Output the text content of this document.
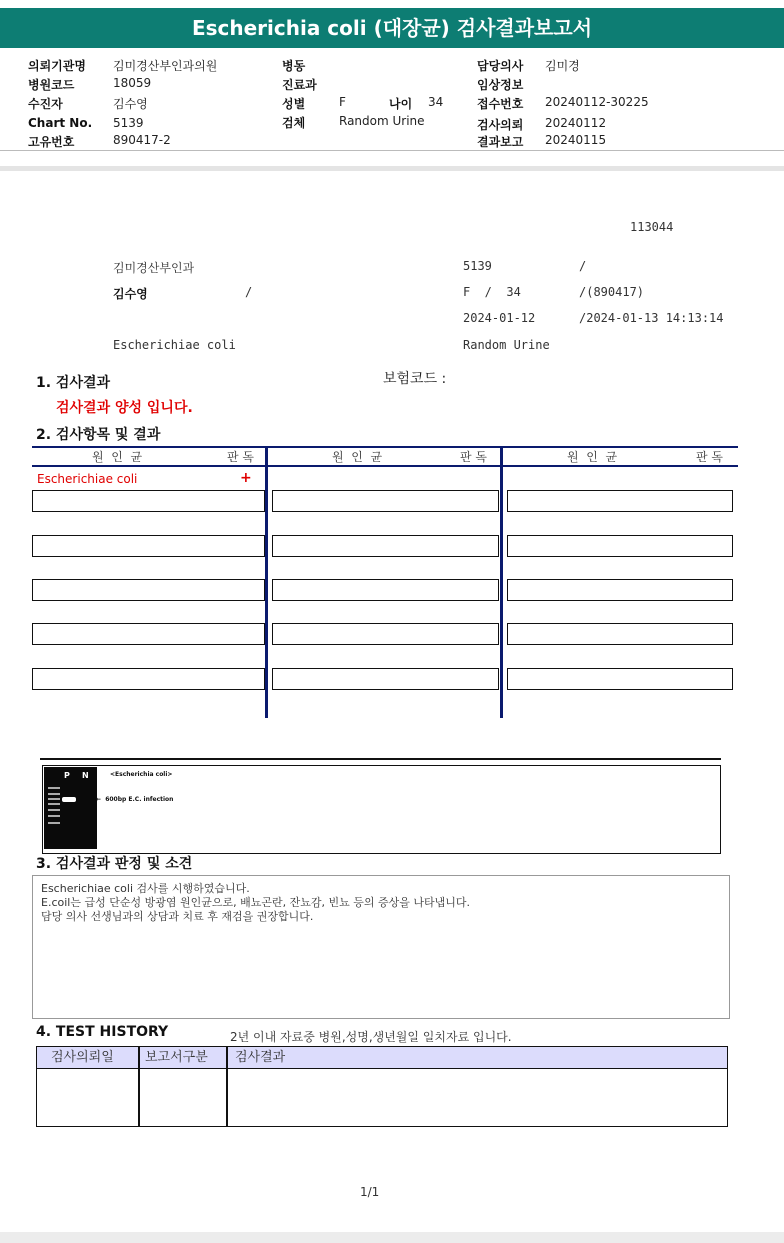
Escherichia coli (대장균) 검사결과보고서
의뢰기관명 김미경산부인과의원
병원코드	18059
수진자	김수영
Chart No. 5139
고유번호	890417-2
병동
진료과
성별	F	나이 34
검체	Random Urine
담당의사 김미경
임상정보
접수번호 20240112-30225
검사의뢰 20240112
결과보고 20240115
113044
김미경산부인과	5139	/
김수영	/	F  /  34	/(890417)
2024-01-12	/2024-01-13 14:13:14
Escherichiae coli	Random Urine
1. 검사결과	보험코드 :
검사결과 양성 입니다.
2. 검사항목 및 결과
원  인  균	판 독	원  인  균	판 독	원  인  균	판 독
Escherichiae coli	+
P N	<Escherichia coli>
←  600bp E.C. infection
3. 검사결과 판정 및 소견
Escherichiae coli 검사를 시행하였습니다.
E.coil는 급성 단순성 방광염 원인균으로, 배뇨곤란, 잔뇨감, 빈뇨 등의 증상을 나타냅니다.
담당 의사 선생님과의 상담과 치료 후 재검을 권장합니다.
4. TEST HISTORY	2년 이내 자료중 병원,성명,생년월일 일치자료 입니다.
검사의뢰일 보고서구분 검사결과
1/1
